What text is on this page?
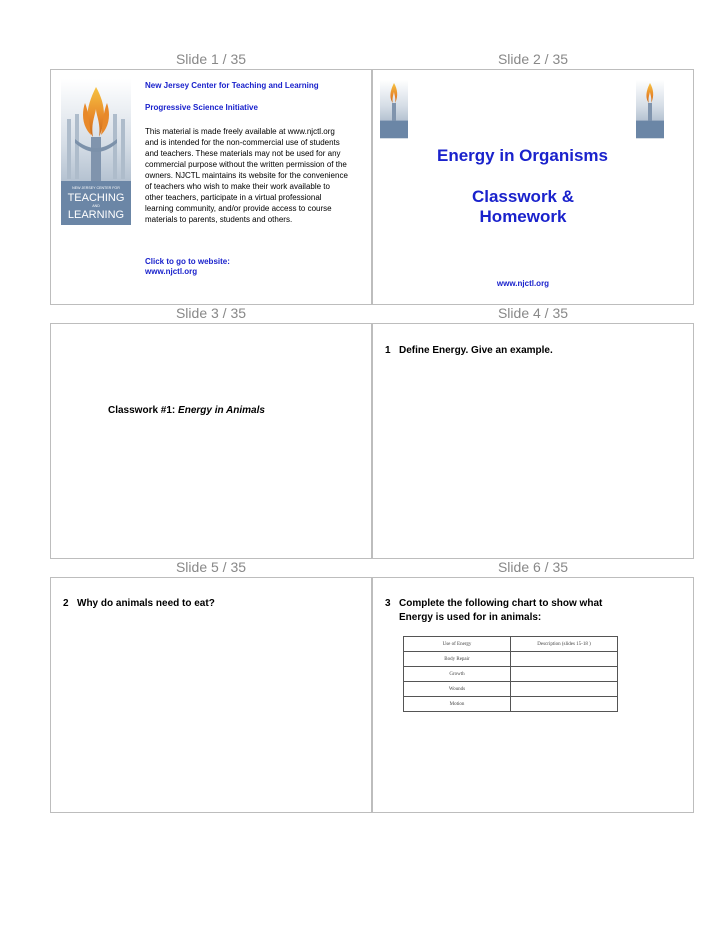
Slide 1 / 35
NEW JERSEY CENTER FOR
TEACHING
AND
LEARNING
New Jersey Center for Teaching and Learning
Progressive Science Initiative
This material is made freely available at www.njctl.org and is intended for the non-commercial use of students and teachers. These materials may not be used for any commercial purpose without the written permission of the owners. NJCTL maintains its website for the convenience of teachers who wish to make their work available to other teachers, participate in a virtual professional learning community, and/or provide access to course materials to parents, students and others.
Click to go to website:
www.njctl.org
Slide 2 / 35
Energy in Organisms
Classwork &
Homework
www.njctl.org
Slide 3 / 35
Classwork #1: Energy in Animals
Slide 4 / 35
1 Define Energy. Give an example.
Slide 5 / 35
2 Why do animals need to eat?
Slide 6 / 35
3 Complete the following chart to show what
Energy is used for in animals:
Use of Energy	Description (slides 15-18 )
Body Repair	
Growth	
Wounds	
Motion	
